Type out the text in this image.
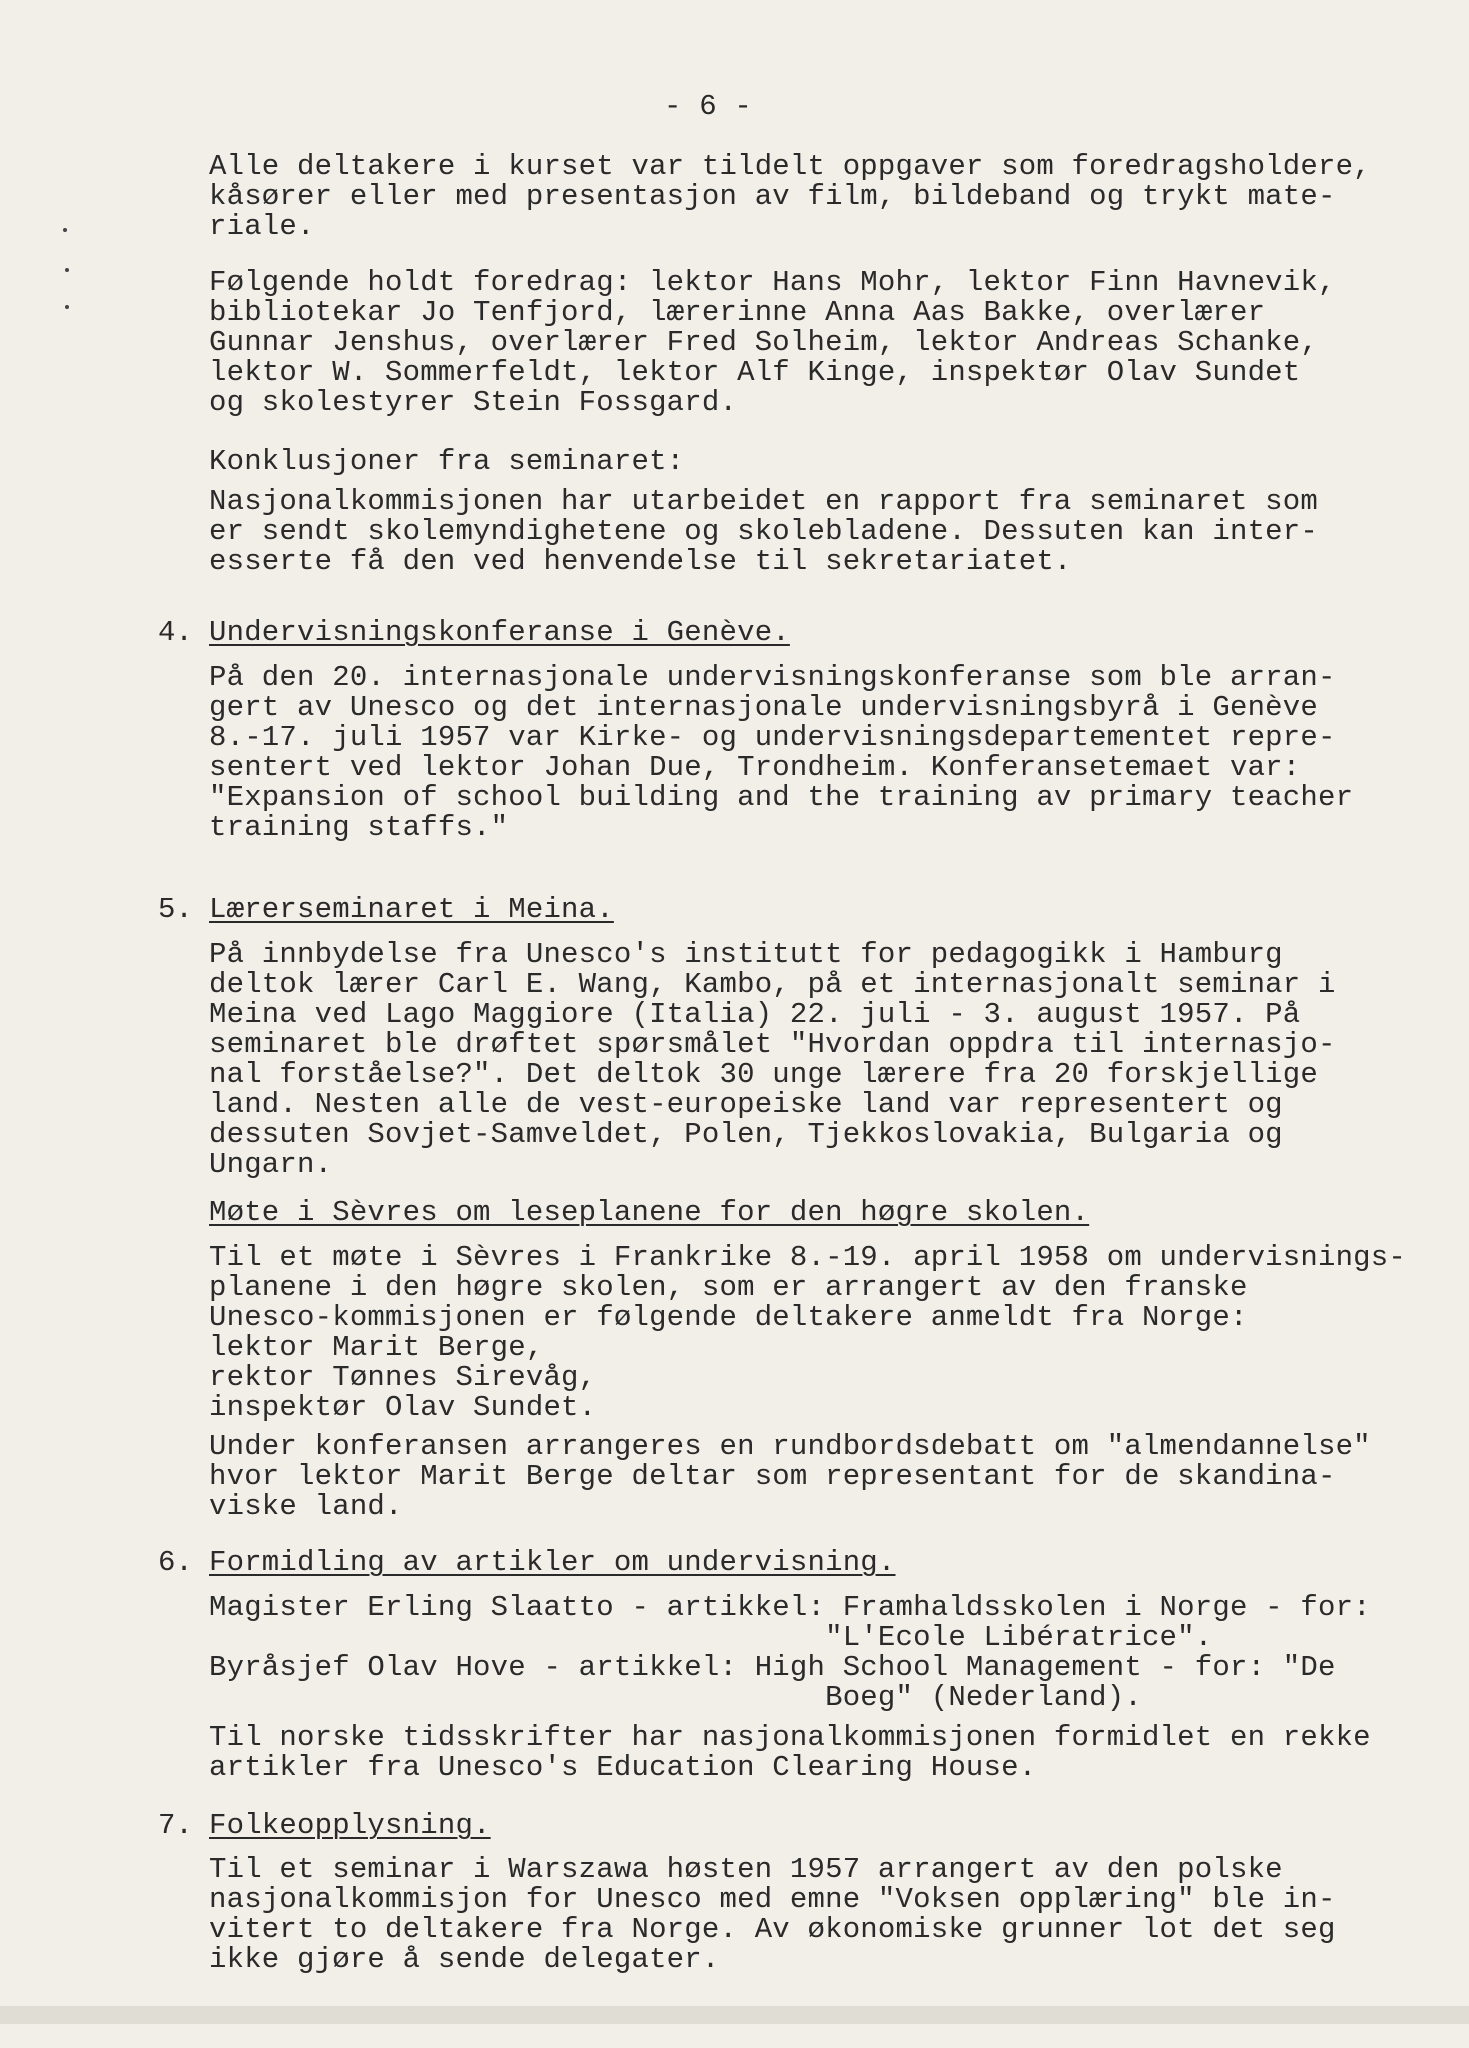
- 6 -
Alle deltakere i kurset var tildelt oppgaver som foredragsholdere,
kåsører eller med presentasjon av film, bildeband og trykt mate-
riale.
Følgende holdt foredrag: lektor Hans Mohr, lektor Finn Havnevik,
bibliotekar Jo Tenfjord, lærerinne Anna Aas Bakke, overlærer
Gunnar Jenshus, overlærer Fred Solheim, lektor Andreas Schanke,
lektor W. Sommerfeldt, lektor Alf Kinge, inspektør Olav Sundet
og skolestyrer Stein Fossgard.
Konklusjoner fra seminaret:
Nasjonalkommisjonen har utarbeidet en rapport fra seminaret som
er sendt skolemyndighetene og skolebladene. Dessuten kan inter-
esserte få den ved henvendelse til sekretariatet.
4. Undervisningskonferanse i Genève.
På den 20. internasjonale undervisningskonferanse som ble arran-
gert av Unesco og det internasjonale undervisningsbyrå i Genève
8.-17. juli 1957 var Kirke- og undervisningsdepartementet repre-
sentert ved lektor Johan Due, Trondheim. Konferansetemaet var:
"Expansion of school building and the training av primary teacher
training staffs."
5. Lærerseminaret i Meina.
På innbydelse fra Unesco's institutt for pedagogikk i Hamburg
deltok lærer Carl E. Wang, Kambo, på et internasjonalt seminar i
Meina ved Lago Maggiore (Italia) 22. juli - 3. august 1957. På
seminaret ble drøftet spørsmålet "Hvordan oppdra til internasjo-
nal forståelse?". Det deltok 30 unge lærere fra 20 forskjellige
land. Nesten alle de vest-europeiske land var representert og
dessuten Sovjet-Samveldet, Polen, Tjekkoslovakia, Bulgaria og
Ungarn.
Møte i Sèvres om leseplanene for den høgre skolen.
Til et møte i Sèvres i Frankrike 8.-19. april 1958 om undervisnings-
planene i den høgre skolen, som er arrangert av den franske
Unesco-kommisjonen er følgende deltakere anmeldt fra Norge:
lektor Marit Berge,
rektor Tønnes Sirevåg,
inspektør Olav Sundet.
Under konferansen arrangeres en rundbordsdebatt om "almendannelse"
hvor lektor Marit Berge deltar som representant for de skandina-
viske land.
6. Formidling av artikler om undervisning.
Magister Erling Slaatto - artikkel: Framhaldsskolen i Norge - for:
"L'Ecole Libératrice".
Byråsjef Olav Hove - artikkel: High School Management - for: "De
Boeg" (Nederland).
Til norske tidsskrifter har nasjonalkommisjonen formidlet en rekke
artikler fra Unesco's Education Clearing House.
7. Folkeopplysning.
Til et seminar i Warszawa høsten 1957 arrangert av den polske
nasjonalkommisjon for Unesco med emne "Voksen opplæring" ble in-
vitert to deltakere fra Norge. Av økonomiske grunner lot det seg
ikke gjøre å sende delegater.
